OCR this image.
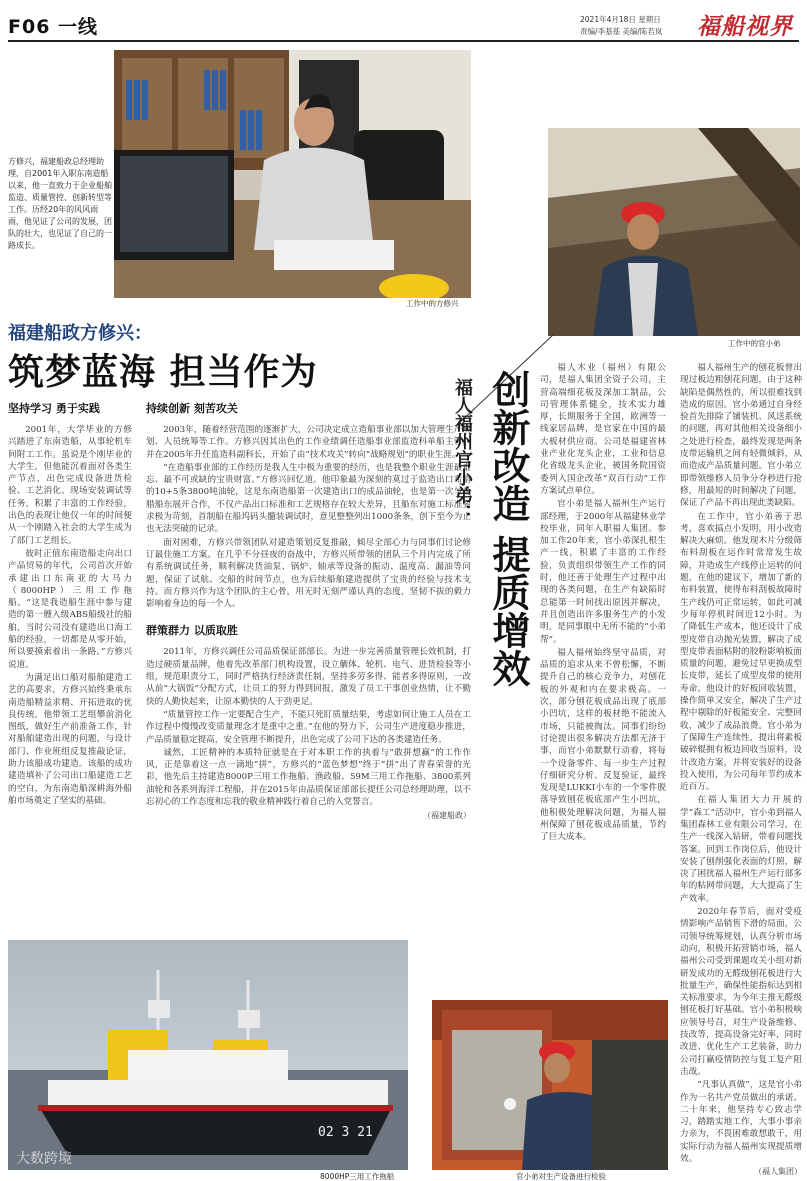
F06 一线	2021年4月18日 星期日
责编/李基基 美编/陈若岚 福船视界
方修兴，福建船政总经理助理，自2001年入职东南造船以来，他一直致力于企业船舶监造、质量管控、创新转型等工作。历经20年的风风雨雨，他见证了公司的发展，团队的壮大，也见证了自己的一路成长。
工作中的方修兴
福建船政方修兴：
筑梦蓝海 担当作为
坚持学习 勇于实践

2001年，大学毕业的方修兴踏进了东南造船，从事轮机车间附工工作。虽说是个刚毕业的大学生，但他能沉着面对各类生产节点，出色完成设备进货检验、工艺消化、现场安装调试等任务，积累了丰富的工作经验，出色的表现让他仅一年的时间便从一个刚踏入社会的大学生成为了部门工艺组长。

彼时正值东南造船走向出口产品贸易的年代，公司首次开始承建出口东南亚的大马力（8000HP）三用工作拖船。“这是我造船生涯中参与建造的第一艘入级ABS船级社的船舶，当时公司没有建造出口海工船的经验，一切都是从零开始，所以要摸索着出一条路。”方修兴说道。

为满足出口船对船舶建造工艺的高要求，方修兴始终秉承东南造船精益求精、开拓进取的优良传统，他带领工艺组攀前消化图纸，做好生产前准备工作，针对船舶建造出现的问题，与设计部门、作业班组反复推敲论证，助力该船成功建造。该船的成功建造填补了公司出口船建造工艺的空白，为东南造船深耕海外船舶市场奠定了坚实的基础。

持续创新 刻苦攻关

2003年，随着经营范围的逐渐扩大，公司决定成立造船事业部以加大管理生产规划、人员统筹等工作。方修兴因其出色的工作业绩调任造船事业部监造科单船主管，并在2005年升任监造科副科长，开始了由“技术攻关”转向“战略规划”的职业生涯。

“在造船事业部的工作经历是我人生中极为重要的经历，也是我整个职业生涯最难忘、最不可或缺的宝贵财富。”方修兴回忆道。他印象最为深刻的莫过于监造出口希腊的10+5条3800吨油轮，这是东南造船第一次建造出口的成品油轮，也是第一次与希腊船东展开合作，不仅产品出口标准和工艺规格存在较大差异，且船东对施工标准要求极为苛刻，首制船在船坞码头髓装调试时，意见整整列出1000条条，创下至今为止也无法突破的记录。

面对困难，方修兴带领团队对建造策划反复推敲，倾尽全部心力与同事们讨论修订最佳施工方案。在几乎不分昼夜的奋战中，方修兴所带领的团队三个月内完成了所有系统调试任务，顺利解决货油泵、锅炉、轴承等设备的振动、温度高、漏油等问题，保证了试航、交船的时间节点，也为后续船舶建造提供了宝贵的经验与技术支持。而方修兴作为这个团队的主心骨，用无时无刻严谨认真的态度，坚韧不拔的毅力影响着身边的每一个人。

群策群力 以质取胜

2011年，方修兴调任公司品质保证部部长。为进一步完善质量管理长效机制，打造过硬质量品牌，他着先改革部门机构设置，设立舾体、轮机、电气、进货检验等小组，规范职责分工，同时严格执行经济责任制，坚持多劳多得、能者多得原则，一改从前“大锅饭”分配方式，让员工的努力得到回报，激发了员工干事创业热情，让不勤快的人勤快起来，让原本勤快的人干劲更足。

“质量管控工作一定要配合生产，不能只死盯质量结果，考虑如何让施工人员在工作过程中慢慢改变质量理念才是重中之重。”在他的努力下，公司生产进度稳步推进，产品质量稳定提高，安全管理不断提升，出色完成了公司下达的各类建造任务。

诚然，工匠精神的本质特征就是在于对本职工作的执着与“敢拼想赢”的工作作风，正是靠着这一点一滴地“拼”，方修兴的“蓝色梦想”终于“拼”出了青春荣誉的光彩，他先后主持建造8000P三用工作拖船、渔政船、59M三用工作拖船、3800系列油轮和各系列海洋工程船，并在2015年由品质保证部部长提任公司总经理助理，以不忘初心的工作态度和忘我的敬业精神践行着自己的入党誓言。

（福建船政）
02 3 21
大数跨境
8000HP三用工作拖船
工作中的官小弟
福人福州官小弟： 创新改造 提质增效

福人木业（福州）有限公司，是福人集团全资子公司，主营高端细花板及深加工制品，公司管理体系健全，技术实力雄厚，长期服务于全国，欧洲等一线家居品牌，是官家在中国的最大板材供应商。公司是福建省林业产业化龙头企业，工业和信息化省级龙头企业，被国务院国资委列入国企改革“双百行动”工作方案试点单位。

官小弟是福人福州生产运行部经理，于2000年从福建林业学校毕业，同年入职福人集团。参加工作20年来，官小弟深扎根生产一线，积累了丰富的工作经验，负责组织带领生产工作的同时，他还善于处理生产过程中出现的各类问题，在生产有缺陷时总能第一时间找出原因并解决，并且创造出许多服务生产的小发明，是同事眼中无所不能的“小弟帮”。

福人福州始终坚守品质，对品质的追求从来不曾松懈，不断提升自己的核心竞争力，对刨花板的外观和内在要求极高。一次，部分刨花板成品出现了底部小凹坑，这样的板材绝不能流入市场，只能被掏汰。同事们纷纷讨论提出很多解决方法都无济于事，而官小弟默默行动着，将每一个设备零件、每一步生产过程仔细研究分析、反复验证，最终发现是LUKKI小车的一个零件脱落导致刨花板底部产生小凹坑，他积极处理解决问题，为福人福州保障了刨花板成品质量，节约了巨大成本。

福人福州生产的刨花板曾出现过板边粗刨花问题，由于这种缺陷是偶然性的，所以很难找到造成的原因。官小弟通过自身经验首先排除了铺装机、风送系统的问题，再对其他相关设备细小之处进行检查，最终发现是两条皮带运输机之间有轻微倾斜，从而造成产品质量问题。官小弟立即带领维修人员争分夺秒进行抢修，用最短的时间解决了问题，保证了产品不再出现此类缺陷。

在工作中，官小弟善于思考，喜欢搞点小发明，用小改造解决大麻烦。他发现木片分级筛布料刮板在运作时常常发生故障，并造成生产线停止运转的问题，在他的建议下，增加了新的布料装置，使得布料刮板故障时生产线仍可正常运转，如此可减少每年停机时间近12小时。为了降低生产成本，他还设计了成型皮带自动抛光装置，解决了成型皮带表面粘附的胶粉影响板面质量的问题，避免过早更换成型长皮带，延长了成型皮带的使用寿命。他设计的好板回收装置，操作简单又安全，解决了生产过程中剔除的好板能安全、完整回收，减少了成品浪费。官小弟为了保障生产连续性，提出将素板破碎辊拥有板边回收当原料，设计改造方案，并将安装好的设备投入使用，为公司每年节约成本近百万。

在福人集团大力开展的学“森工”活动中，官小弟到福人集团森林工业有限公司学习，在生产一线深入钻研，带着问题找答案。回到工作岗位后，他设计安装了刨削强化表面的灯照，解决了困扰福人福州生产运行部多年的粘网带问题，大大提高了生产效率。

2020年春节后，面对受疫情影响产品销售下滑的局面，公司领导统筹规划，认真分析市场动向，积极开拓营销市场，福人福州公司受到课题攻关小组对新研发成功的无醛级刨花板进行大批量生产，确保性能指标达到相关标准要求，为今年主推无醛级刨花板打好基础。官小弟积极响应领导号召，对生产设备维修、技改等，提高设备完好率，同时改进、优化生产工艺装备，助力公司打赢疫情防控与复工复产阻击战。

“凡事认真做”，这是官小弟作为一名共产党员做出的承诺。二十年来，他坚持专心致志学习，踏踏实地工作，大事小事亲力亲为，不畏困难敢想敢干，用实际行动为福人福州实现提质增效。

（福人集团）
官小弟对生产设备进行检验
